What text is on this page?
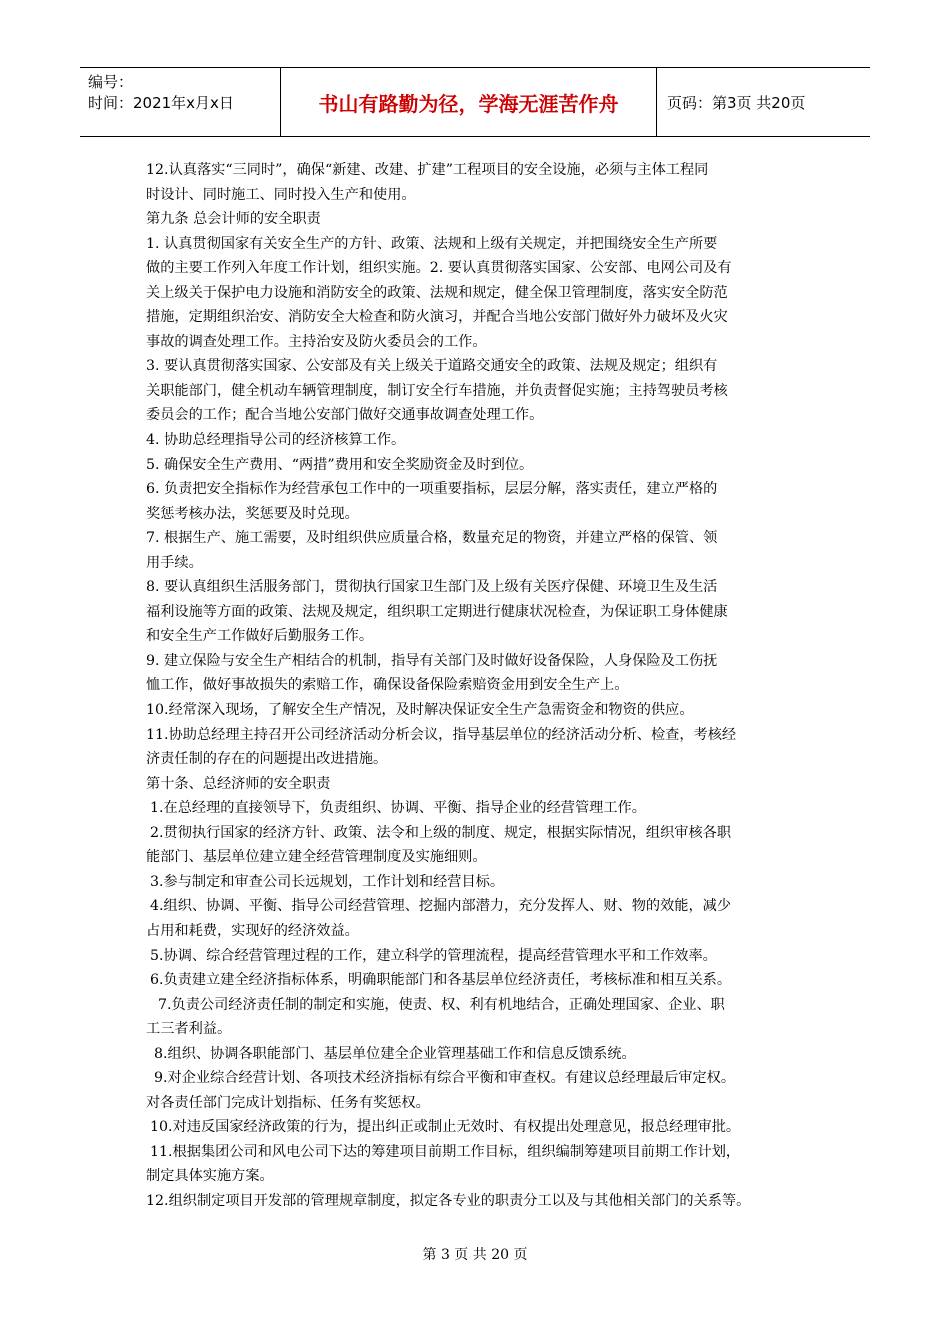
编号：
时间：2021年x月x日	书山有路勤为径，学海无涯苦作舟	页码：第3页 共20页

12.认真落实“三同时”，确保“新建、改建、扩建”工程项目的安全设施，必须与主体工程同

时设计、同时施工、同时投入生产和使用。

第九条 总会计师的安全职责

1. 认真贯彻国家有关安全生产的方针、政策、法规和上级有关规定，并把围绕安全生产所要

做的主要工作列入年度工作计划，组织实施。2. 要认真贯彻落实国家、公安部、电网公司及有

关上级关于保护电力设施和消防安全的政策、法规和规定，健全保卫管理制度，落实安全防范

措施，定期组织治安、消防安全大检查和防火演习，并配合当地公安部门做好外力破坏及火灾

事故的调查处理工作。主持治安及防火委员会的工作。

3. 要认真贯彻落实国家、公安部及有关上级关于道路交通安全的政策、法规及规定；组织有

关职能部门，健全机动车辆管理制度，制订安全行车措施，并负责督促实施；主持驾驶员考核

委员会的工作；配合当地公安部门做好交通事故调查处理工作。

4. 协助总经理指导公司的经济核算工作。

5. 确保安全生产费用、“两措”费用和安全奖励资金及时到位。

6. 负责把安全指标作为经营承包工作中的一项重要指标，层层分解，落实责任，建立严格的

奖惩考核办法，奖惩要及时兑现。

7. 根据生产、施工需要，及时组织供应质量合格，数量充足的物资，并建立严格的保管、领

用手续。

8. 要认真组织生活服务部门，贯彻执行国家卫生部门及上级有关医疗保健、环境卫生及生活

福利设施等方面的政策、法规及规定，组织职工定期进行健康状况检查，为保证职工身体健康

和安全生产工作做好后勤服务工作。

9. 建立保险与安全生产相结合的机制，指导有关部门及时做好设备保险，人身保险及工伤抚

恤工作，做好事故损失的索赔工作，确保设备保险索赔资金用到安全生产上。

10.经常深入现场，了解安全生产情况，及时解决保证安全生产急需资金和物资的供应。

11.协助总经理主持召开公司经济活动分析会议，指导基层单位的经济活动分析、检查，考核经

济责任制的存在的问题提出改进措施。

第十条、总经济师的安全职责

1.在总经理的直接领导下，负责组织、协调、平衡、指导企业的经营管理工作。

2.贯彻执行国家的经济方针、政策、法令和上级的制度、规定，根据实际情况，组织审核各职

能部门、基层单位建立建全经营管理制度及实施细则。

3.参与制定和审查公司长远规划，工作计划和经营目标。

4.组织、协调、平衡、指导公司经营管理、挖掘内部潜力，充分发挥人、财、物的效能，减少

占用和耗费，实现好的经济效益。

5.协调、综合经营管理过程的工作，建立科学的管理流程，提高经营管理水平和工作效率。

6.负责建立建全经济指标体系，明确职能部门和各基层单位经济责任，考核标准和相互关系。

7.负责公司经济责任制的制定和实施，使责、权、利有机地结合，正确处理国家、企业、职

工三者利益。

8.组织、协调各职能部门、基层单位建全企业管理基础工作和信息反馈系统。

9.对企业综合经营计划、各项技术经济指标有综合平衡和审查权。有建议总经理最后审定权。

对各责任部门完成计划指标、任务有奖惩权。

10.对违反国家经济政策的行为，提出纠正或制止无效时、有权提出处理意见，报总经理审批。

11.根据集团公司和风电公司下达的筹建项目前期工作目标，组织编制筹建项目前期工作计划，

制定具体实施方案。

12.组织制定项目开发部的管理规章制度，拟定各专业的职责分工以及与其他相关部门的关系等。

第 3 页 共 20 页
